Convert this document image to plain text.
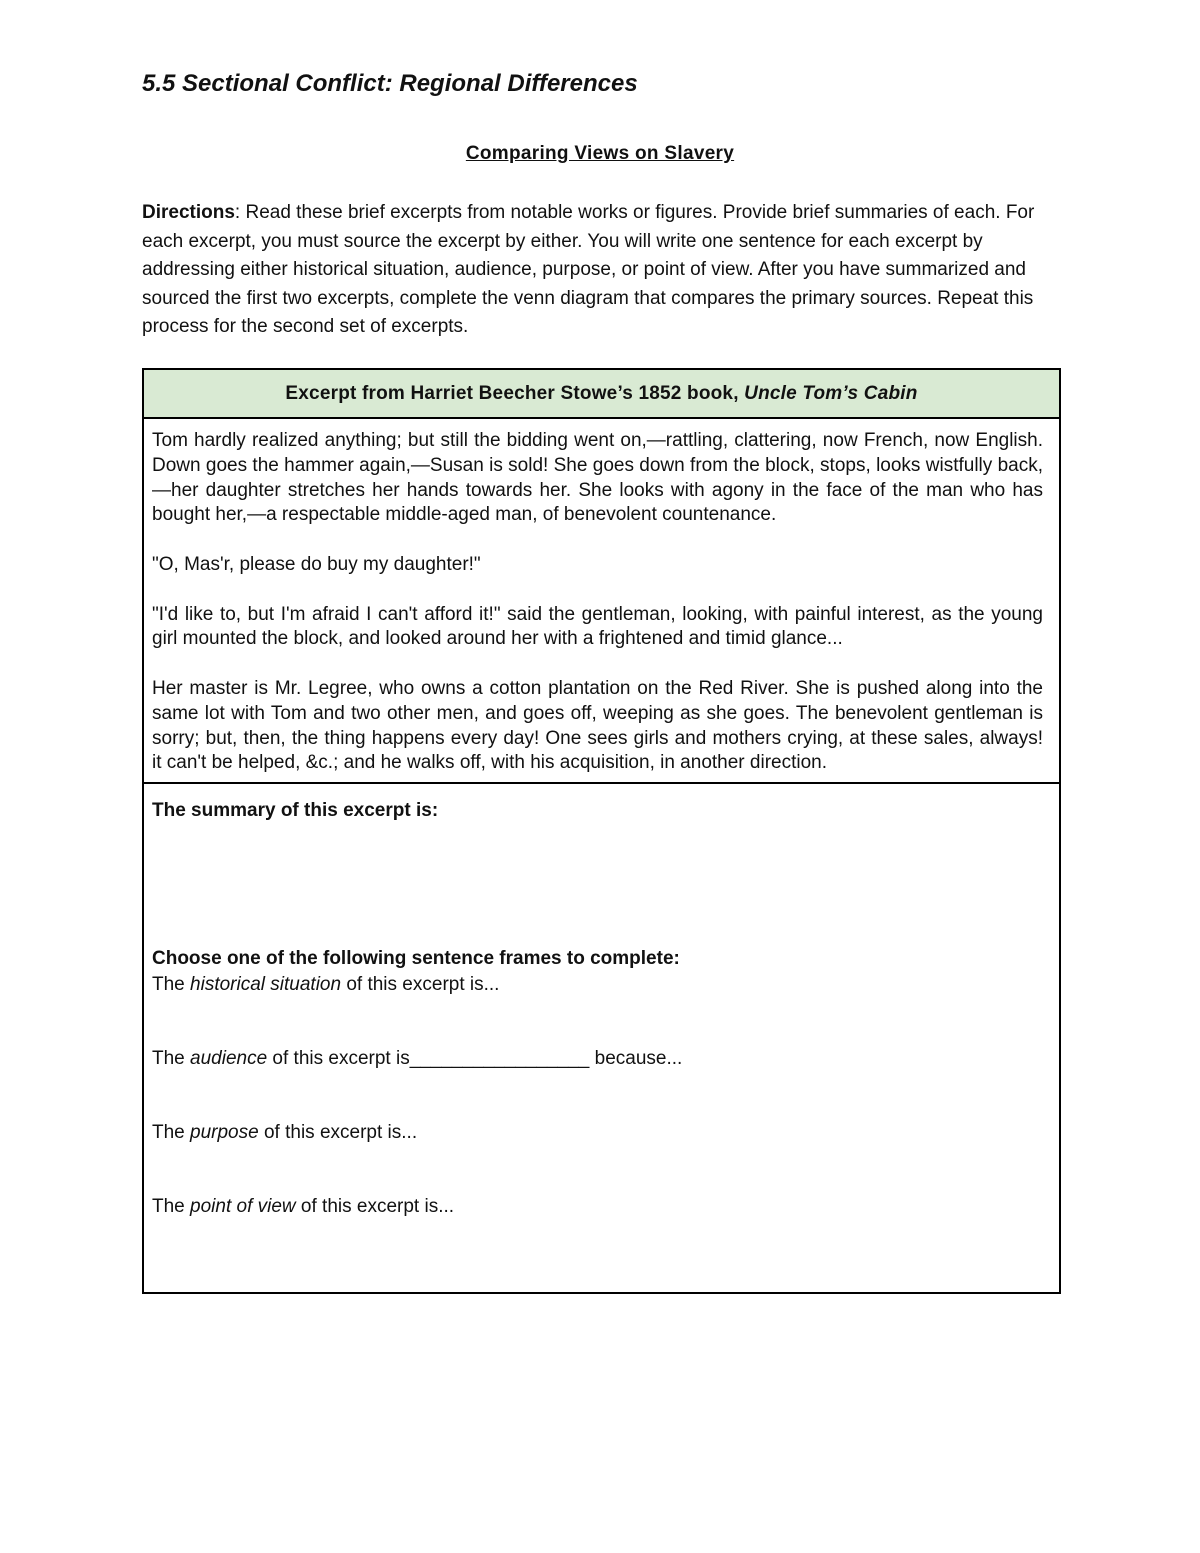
5.5 Sectional Conflict: Regional Differences
Comparing Views on Slavery

Directions: Read these brief excerpts from notable works or figures. Provide brief summaries of each. For each excerpt, you must source the excerpt by either. You will write one sentence for each excerpt by addressing either historical situation, audience, purpose, or point of view. After you have summarized and sourced the first two excerpts, complete the venn diagram that compares the primary sources. Repeat this process for the second set of excerpts.

Excerpt from Harriet Beecher Stowe’s 1852 book, Uncle Tom’s Cabin

Tom hardly realized anything; but still the bidding went on,—rattling, clattering, now French, now English. Down goes the hammer again,—Susan is sold! She goes down from the block, stops, looks wistfully back,—her daughter stretches her hands towards her. She looks with agony in the face of the man who has bought her,—a respectable middle-aged man, of benevolent countenance.

"O, Mas'r, please do buy my daughter!"

"I'd like to, but I'm afraid I can't afford it!" said the gentleman, looking, with painful interest, as the young girl mounted the block, and looked around her with a frightened and timid glance...

Her master is Mr. Legree, who owns a cotton plantation on the Red River. She is pushed along into the same lot with Tom and two other men, and goes off, weeping as she goes. The benevolent gentleman is sorry; but, then, the thing happens every day! One sees girls and mothers crying, at these sales, always! it can't be helped, &c.; and he walks off, with his acquisition, in another direction.

The summary of this excerpt is:

Choose one of the following sentence frames to complete:

The historical situation of this excerpt is...

The audience of this excerpt is_________________ because...

The purpose of this excerpt is...

The point of view of this excerpt is...
